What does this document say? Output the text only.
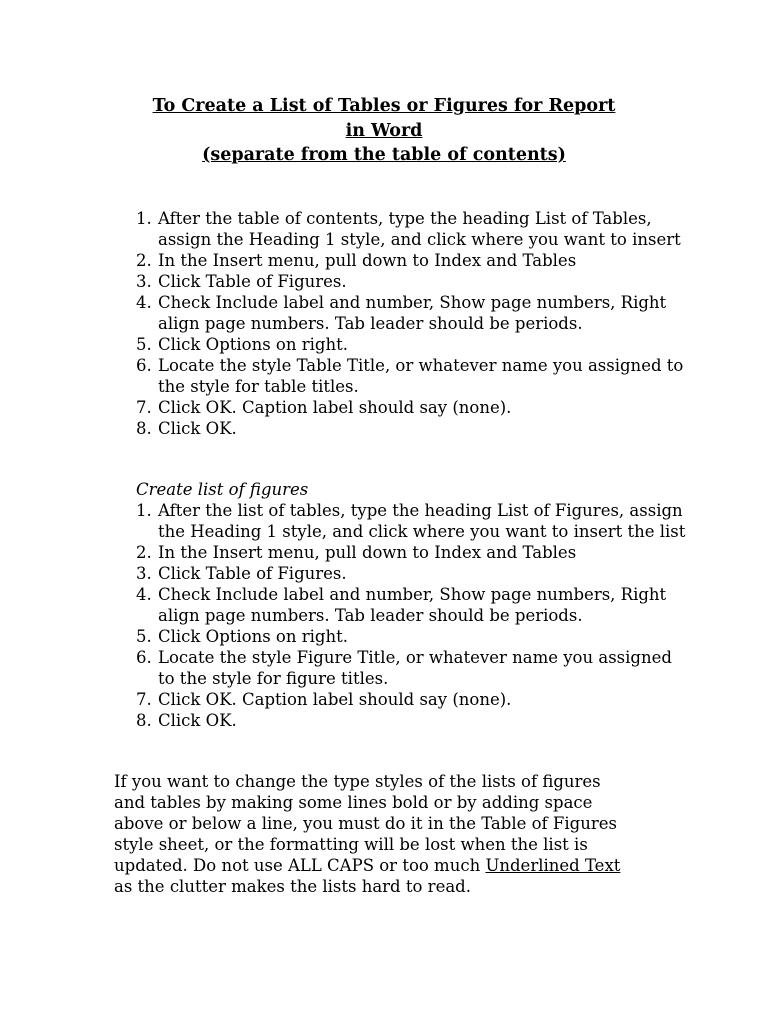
To Create a List of Tables or Figures for Report
in Word
(separate from the table of contents)
1. After the table of contents, type the heading List of Tables, assign the Heading 1 style, and click where you want to insert
2. In the Insert menu, pull down to Index and Tables
3. Click Table of Figures.
4. Check Include label and number, Show page numbers, Right align page numbers. Tab leader should be periods.
5. Click Options on right.
6. Locate the style Table Title, or whatever name you assigned to the style for table titles.
7. Click OK. Caption label should say (none).
8. Click OK.
Create list of figures
1. After the list of tables, type the heading List of Figures, assign the Heading 1 style, and click where you want to insert the list
2. In the Insert menu, pull down to Index and Tables
3. Click Table of Figures.
4. Check Include label and number, Show page numbers, Right align page numbers. Tab leader should be periods.
5. Click Options on right.
6. Locate the style Figure Title, or whatever name you assigned to the style for figure titles.
7. Click OK. Caption label should say (none).
8. Click OK.
If you want to change the type styles of the lists of figures
and tables by making some lines bold or by adding space
above or below a line, you must do it in the Table of Figures
style sheet, or the formatting will be lost when the list is
updated. Do not use ALL CAPS or too much Underlined Text
as the clutter makes the lists hard to read.
